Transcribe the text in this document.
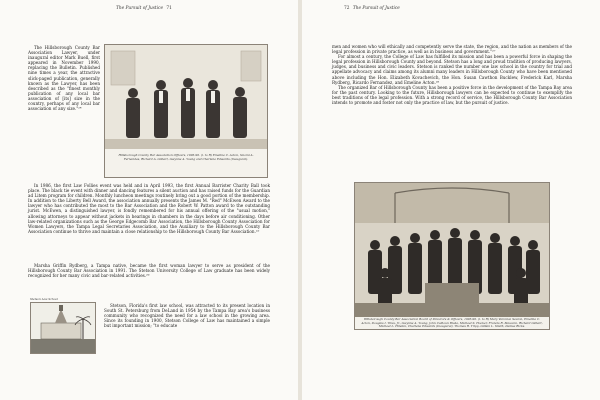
The Pursuit of Justice 71

The Hillsborough County Bar Association Lawyer, under inaugural editor Mark Buell, first appeared in November 1990, replacing the Bulletin. Published nine times a year, the attractive slick-paged publication, generally known as the Lawyer, has been described as the "finest monthly publication of any local bar association of [its] size in the country, perhaps of any local bar association of any size."²⁴

Hillsborough County Bar Association Officers, 1995-96. (l. to R) Emeline C. Acton, Naomi A. Fernandes, Richard A. Gilbert, Gwynne A. Young and Charlene Edwards (Inaugural).

In 1986, the first Law Follies event was held and in April 1993, the first Annual Barrister Charity Ball took place. The black tie event with dinner and dancing features a silent auction and has raised funds for the Guardian ad Litem program for children. Monthly luncheon meetings routinely bring out a good portion of the membership. In addition to the Liberty Bell Award, the association annually presents the James M. "Red" McEwen Award to the lawyer who has contributed the most to the Bar Association and the Robert W. Patton award to the outstanding jurist. McEwen, a distinguished lawyer, is fondly remembered for his annual offering of the "usual motion," allowing attorneys to appear without jackets in hearings in chambers in the days before air conditioning. Other law-related organizations such as the George Edgecomb Bar Association, the Hillsborough County Association for Women Lawyers, the Tampa Legal Secretaries Association, and the Auxiliary to the Hillsborough County Bar Association continue to thrive and maintain a close relationship to the Hillsborough County Bar Association.²⁵

Marsha Griffin Rydberg, a Tampa native, became the first woman lawyer to serve as president of the Hillsborough County Bar Association in 1991. The Stetson University College of Law graduate has been widely recognized for her many civic and bar-related activities.²⁶

Stetson Law School

Stetson, Florida's first law school, was attracted to its present location in South St. Petersburg from DeLand in 1954 by the Tampa Bay area's business community who recognized the need for a law school in the growing area. Since its founding in 1900, Stetson College of Law has maintained a simple but important mission; "to educate

72 The Pursuit of Justice

men and women who will ethically and competently serve the state, the region, and the nation as members of the legal profession in private practice, as well as in business and government."²⁷

For almost a century, the College of Law has fulfilled its mission and has been a powerful force in shaping the legal profession in Hillsborough County and beyond. Stetson has a long and proud tradition of producing lawyers, judges, and business and civic leaders. Stetson is ranked the number one law school in the country for trial and appellate advocacy and claims among its alumni many leaders in Hillsborough County who have been mentioned above including the Hon. Elizabeth Kovachevich, the Hon. Susan Cawthon Bucklew, Frederick Karl, Marsha Rydberg, Ricardo Fernandez, and Emeline Acton.²⁸

The organized Bar of Hillsborough County has been a positive force in the development of the Tampa Bay area for the past century. Looking to the future, Hillsborough lawyers can be expected to continue to exemplify the best traditions of the legal profession. With a strong record of service, the Hillsborough County Bar Association intends to promote and foster not only the practice of law, but the pursuit of justice.

Hillsborough County Bar Association Board of Directors & Officers, 1995-96. (l. to R) Mary Veronica Sexton, Emeline C. Acton, Douglas I. Titus, Jr., Gwynne A. Young, John Calhoun Blake, Michael S. Hooker, Francis R. Mascara, Richard Gilbert, Michael L. Hinden, Charlene Edwards (Inaugural), Thomas R. Tripp, Gillian L. Smith, Denise Ricks.
